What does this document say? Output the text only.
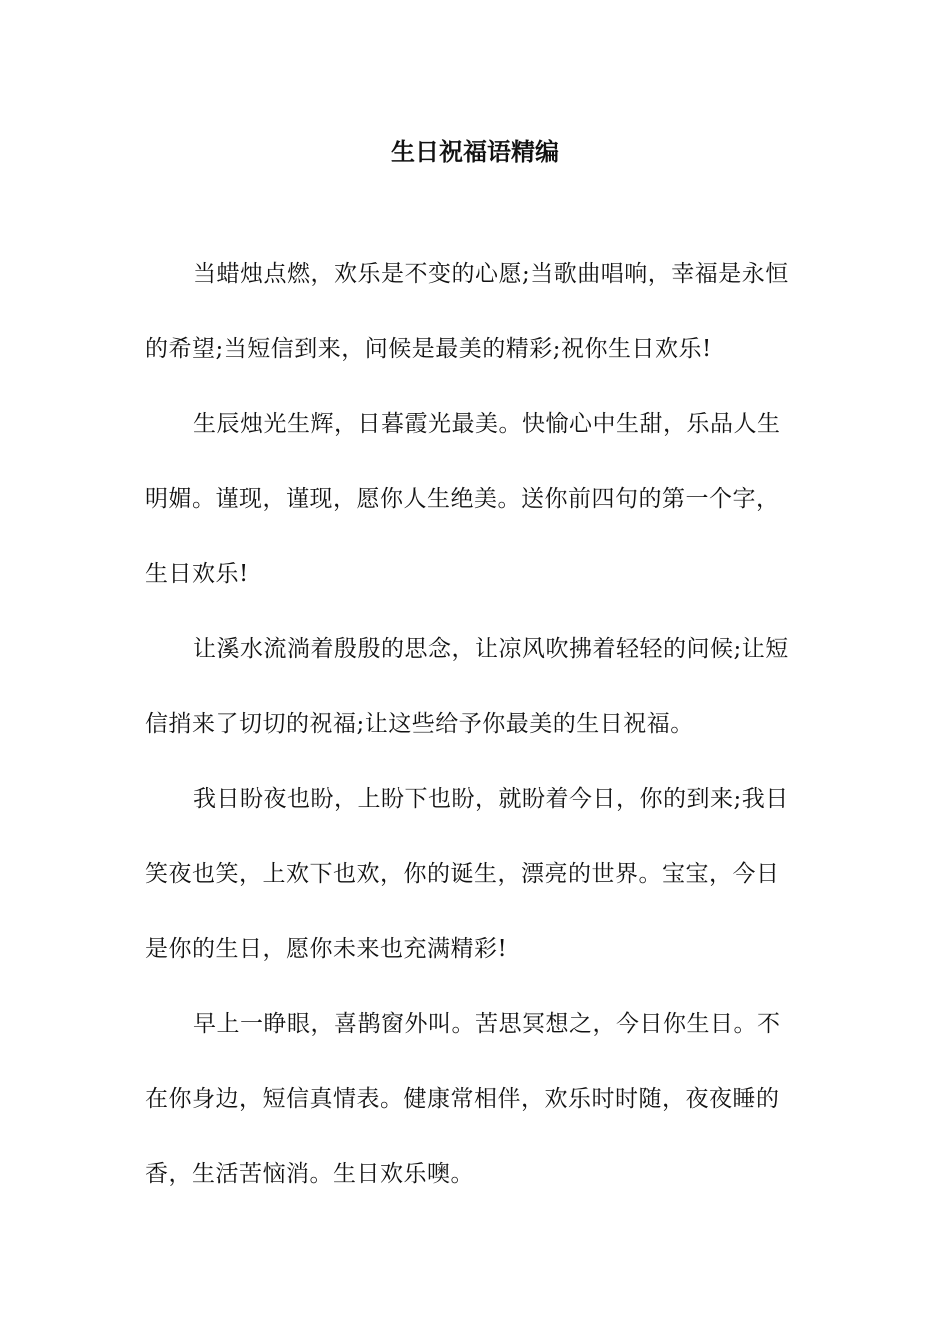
生日祝福语精编
当蜡烛点燃，欢乐是不变的心愿;当歌曲唱响，幸福是永恒
的希望;当短信到来，问候是最美的精彩;祝你生日欢乐!
生辰烛光生辉，日暮霞光最美。快愉心中生甜，乐品人生
明媚。谨现，谨现，愿你人生绝美。送你前四句的第一个字，
生日欢乐!
让溪水流淌着殷殷的思念，让凉风吹拂着轻轻的问候;让短
信捎来了切切的祝福;让这些给予你最美的生日祝福。
我日盼夜也盼，上盼下也盼，就盼着今日，你的到来;我日
笑夜也笑，上欢下也欢，你的诞生，漂亮的世界。宝宝，今日
是你的生日，愿你未来也充满精彩!
早上一睁眼，喜鹊窗外叫。苦思冥想之，今日你生日。不
在你身边，短信真情表。健康常相伴，欢乐时时随，夜夜睡的
香，生活苦恼消。生日欢乐噢。
